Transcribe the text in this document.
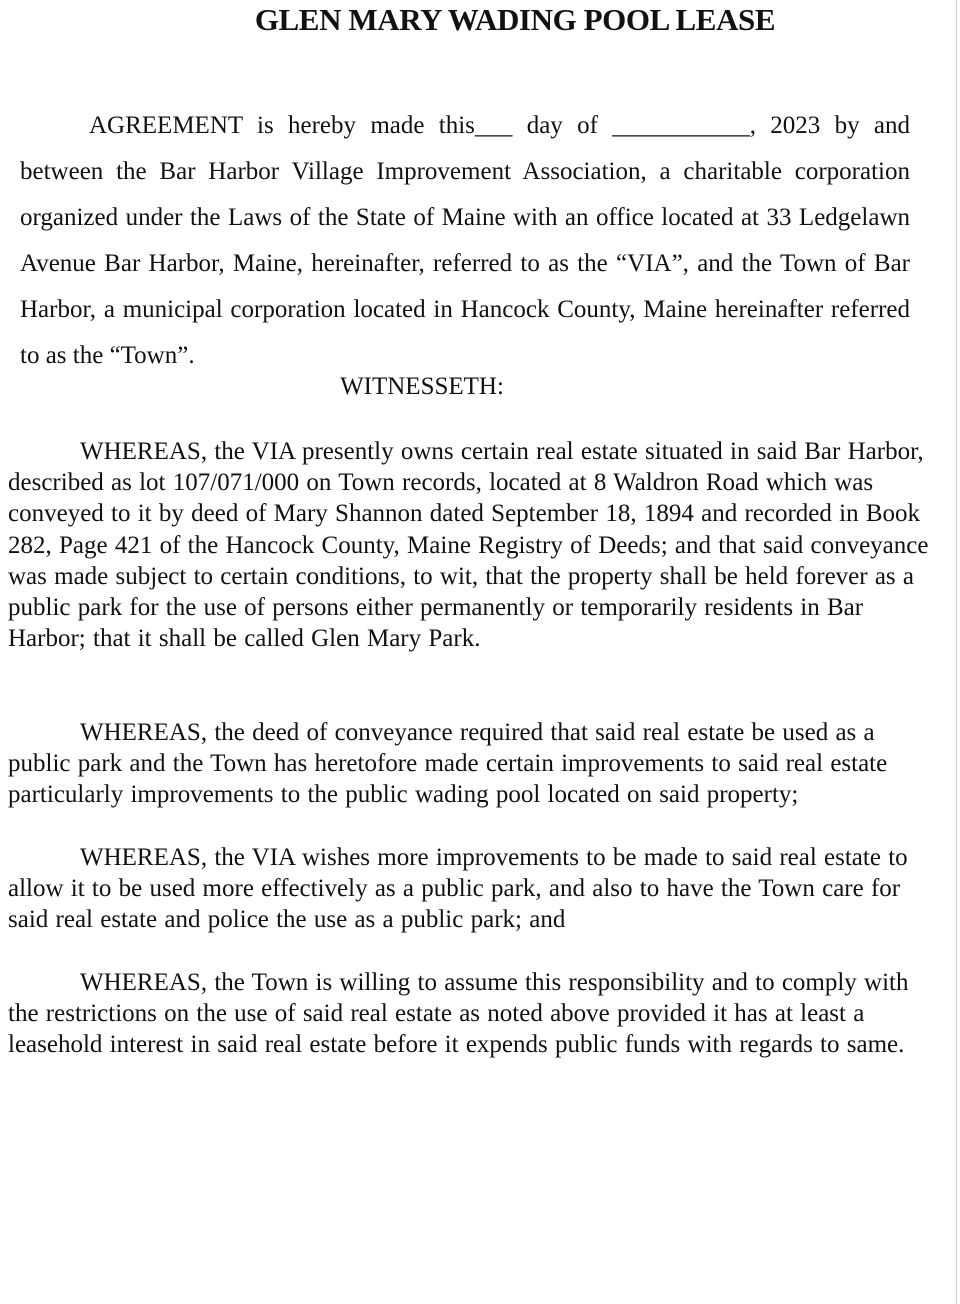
GLEN MARY WADING POOL LEASE

AGREEMENT is hereby made this___ day of ___________, 2023 by and between the Bar Harbor Village Improvement Association, a charitable corporation organized under the Laws of the State of Maine with an office located at 33 Ledgelawn Avenue Bar Harbor, Maine, hereinafter, referred to as the “VIA”, and the Town of Bar Harbor, a municipal corporation located in Hancock County, Maine hereinafter referred to as the “Town”.

WITNESSETH:

WHEREAS, the VIA presently owns certain real estate situated in said Bar Harbor, described as lot 107/071/000 on Town records, located at 8 Waldron Road which was conveyed to it by deed of Mary Shannon dated September 18, 1894 and recorded in Book 282, Page 421 of the Hancock County, Maine Registry of Deeds; and that said conveyance was made subject to certain conditions, to wit, that the property shall be held forever as a public park for the use of persons either permanently or temporarily residents in Bar Harbor; that it shall be called Glen Mary Park.

WHEREAS, the deed of conveyance required that said real estate be used as a public park and the Town has heretofore made certain improvements to said real estate particularly improvements to the public wading pool located on said property;

WHEREAS, the VIA wishes more improvements to be made to said real estate to allow it to be used more effectively as a public park, and also to have the Town care for said real estate and police the use as a public park; and

WHEREAS, the Town is willing to assume this responsibility and to comply with the restrictions on the use of said real estate as noted above provided it has at least a leasehold interest in said real estate before it expends public funds with regards to same.
